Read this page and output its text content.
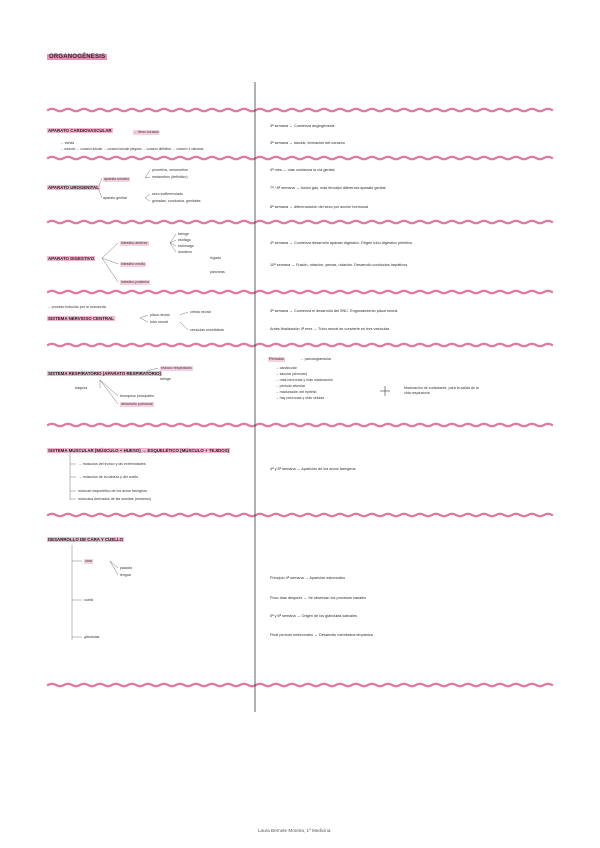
ORGANOGÉNESIS
APARATO CARDIOVASCULAR	→ ritmo corazón
→ venas
→ corazón → corazón tubular → corazón tubular plegado → corazón definitivo → corazón 4 cámaras
3ª semana → Comienza angiogénesis
3ª semana → tubular, formación del corazón
APARATO UROGENITAL
aparato urinario
aparato genital
pronefros, mesonefros
metanefros (definitivo)
sexo indiferenciado
gónadas, conductos, genitales
4ª mes → más comienza la vía genital
7ª / 8ª semana → fusión gás, más fenotipo diferencia aparato genital
8ª semana → diferenciación del sexo por acción hormonal
APARATO DIGESTIVO
intestino anterior
intestino medio
intestino posterior
faringe
esófago
estómago
duodeno
hígado
páncreas
4ª semana → Comienza desarrollo aparato digestivo. Origen tubo digestivo primitivo
10ª semana → Fusión, rotación, yemas, rotación. Desarrollo conductos hepáticos
→ proceso inducido por la notocorda
SISTEMA NERVIOSO CENTRAL
placa neural
tubo neural
cresta neural
vesículas encefálicas
3ª semana → Comienza el desarrollo del SNC. Engrosamiento placa neural
Antes finalización 4ª mes → Tubo neural se convierte en tres vesículas
SISTEMA RESPIRATORIO (APARATO RESPIRATORIO)
esbozo respiratorio
laringe
tráquea
bronquios principales
desarrollo pulmonar
Periodos	→ pseudoglandular
→ canalicular
→ sacular (alveolar)
→ más neuronas y más maduración
→ periodo alveolar
→ maduración del epitelio
→ hay neuronas y más células
Maduración de surfactante, para la salida de la vida respiratoria
SISTEMA MUSCULAR (MÚSCULO + HUESO) → ESQUELÉTICO (MÚSCULO + TEJIDOS)
→ músculos del tronco y las extremidades
→ músculos de la cabeza y del cuello
músculo esquelético de los arcos faríngeos
músculos derivados de las somitas (miotomo)
4ª y 5ª semana → Aparición de los arcos faríngeos
DESARROLLO DE CARA Y CUELLO
cara
cuello
paladar
lengua
glándulas
Principio 4ª semana → Aparición estomodeo
Poco días después → Se observan los procesos nasales
5ª y 6ª semana → Origen de los glándulas salivales
Final periodo embrionario → Desarrollo membrana timpánica
Laura Bernete Moreira, 1º Medicina
